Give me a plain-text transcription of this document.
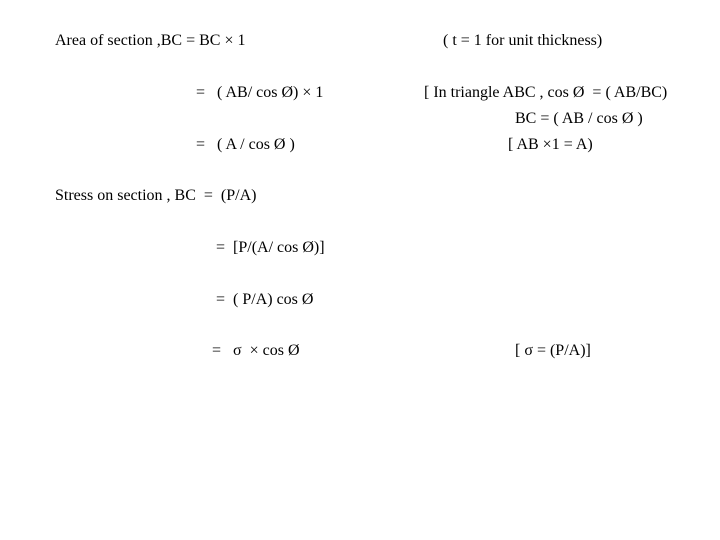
Area of section ,BC = BC × 1	( t = 1 for unit thickness)
=   ( AB/ cos Ø) × 1	[ In triangle ABC , cos Ø  = ( AB/BC)
BC = ( AB / cos Ø )
=   ( A / cos Ø )	[ AB ×1 = A)
Stress on section , BC  =  (P/A)
=  [P/(A/ cos Ø)]
=  ( P/A) cos Ø
=   σ  × cos Ø	[ σ = (P/A)]
